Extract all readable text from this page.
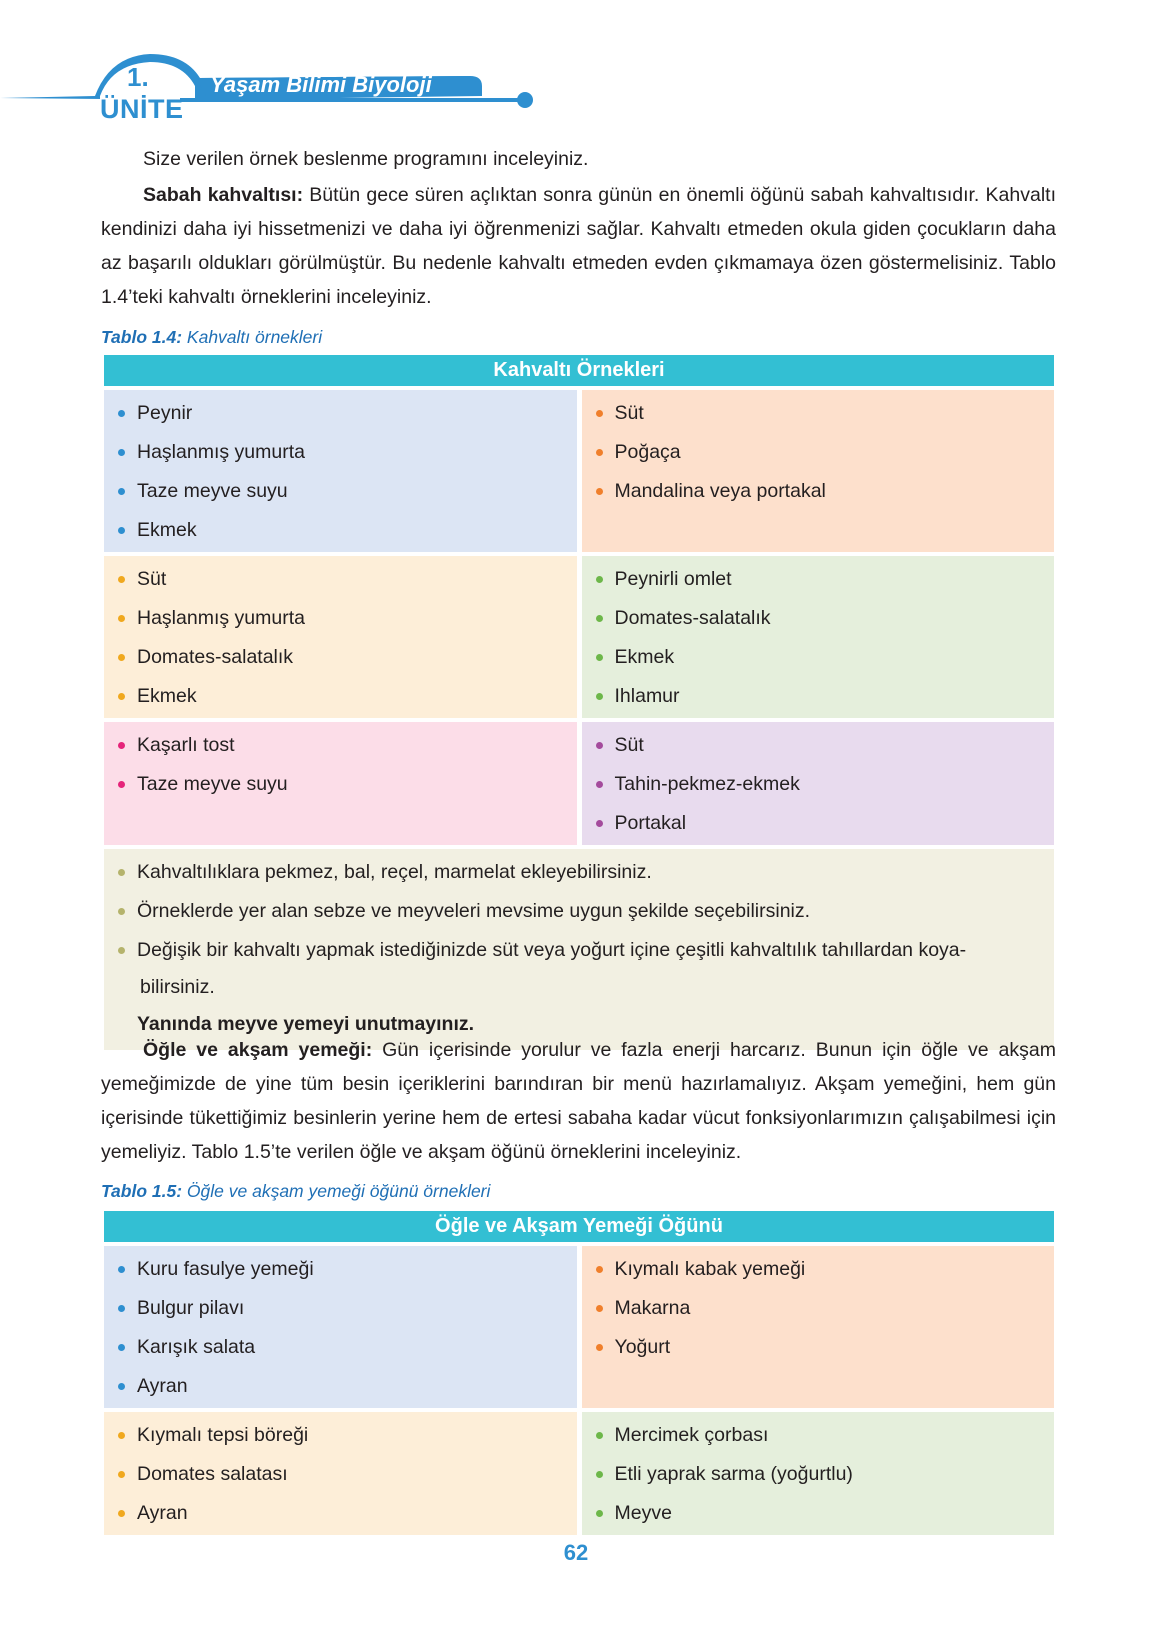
1.
ÜNİTE
Yaşam Bilimi Biyoloji
Size verilen örnek beslenme programını inceleyiniz.
Sabah kahvaltısı: Bütün gece süren açlıktan sonra günün en önemli öğünü sabah kahvaltısıdır. Kahvaltı kendinizi daha iyi hissetmenizi ve daha iyi öğrenmenizi sağlar. Kahvaltı etmeden okula giden çocukların daha az başarılı oldukları görülmüştür. Bu nedenle kahvaltı etmeden evden çıkmamaya özen göstermelisiniz. Tablo 1.4’teki kahvaltı örneklerini inceleyiniz.
Tablo 1.4: Kahvaltı örnekleri
Kahvaltı Örnekleri
Peynir
Haşlanmış yumurta
Taze meyve suyu
Ekmek
Süt
Poğaça
Mandalina veya portakal
Süt
Haşlanmış yumurta
Domates-salatalık
Ekmek
Peynirli omlet
Domates-salatalık
Ekmek
Ihlamur
Kaşarlı tost
Taze meyve suyu
Süt
Tahin-pekmez-ekmek
Portakal
Kahvaltılıklara pekmez, bal, reçel, marmelat ekleyebilirsiniz.
Örneklerde yer alan sebze ve meyveleri mevsime uygun şekilde seçebilirsiniz.
Değişik bir kahvaltı yapmak istediğinizde süt veya yoğurt içine çeşitli kahvaltılık tahıllardan koya-
bilirsiniz.
Yanında meyve yemeyi unutmayınız.
Öğle ve akşam yemeği: Gün içerisinde yorulur ve fazla enerji harcarız. Bunun için öğle ve akşam yemeğimizde de yine tüm besin içeriklerini barındıran bir menü hazırlamalıyız. Akşam yemeğini, hem gün içerisinde tükettiğimiz besinlerin yerine hem de ertesi sabaha kadar vücut fonksiyonlarımızın çalışabilmesi için yemeliyiz. Tablo 1.5’te verilen öğle ve akşam öğünü örneklerini inceleyiniz.
Tablo 1.5: Öğle ve akşam yemeği öğünü örnekleri
Öğle ve Akşam Yemeği Öğünü
Kuru fasulye yemeği
Bulgur pilavı
Karışık salata
Ayran
Kıymalı kabak yemeği
Makarna
Yoğurt
Kıymalı tepsi böreği
Domates salatası
Ayran
Mercimek çorbası
Etli yaprak sarma (yoğurtlu)
Meyve
62
